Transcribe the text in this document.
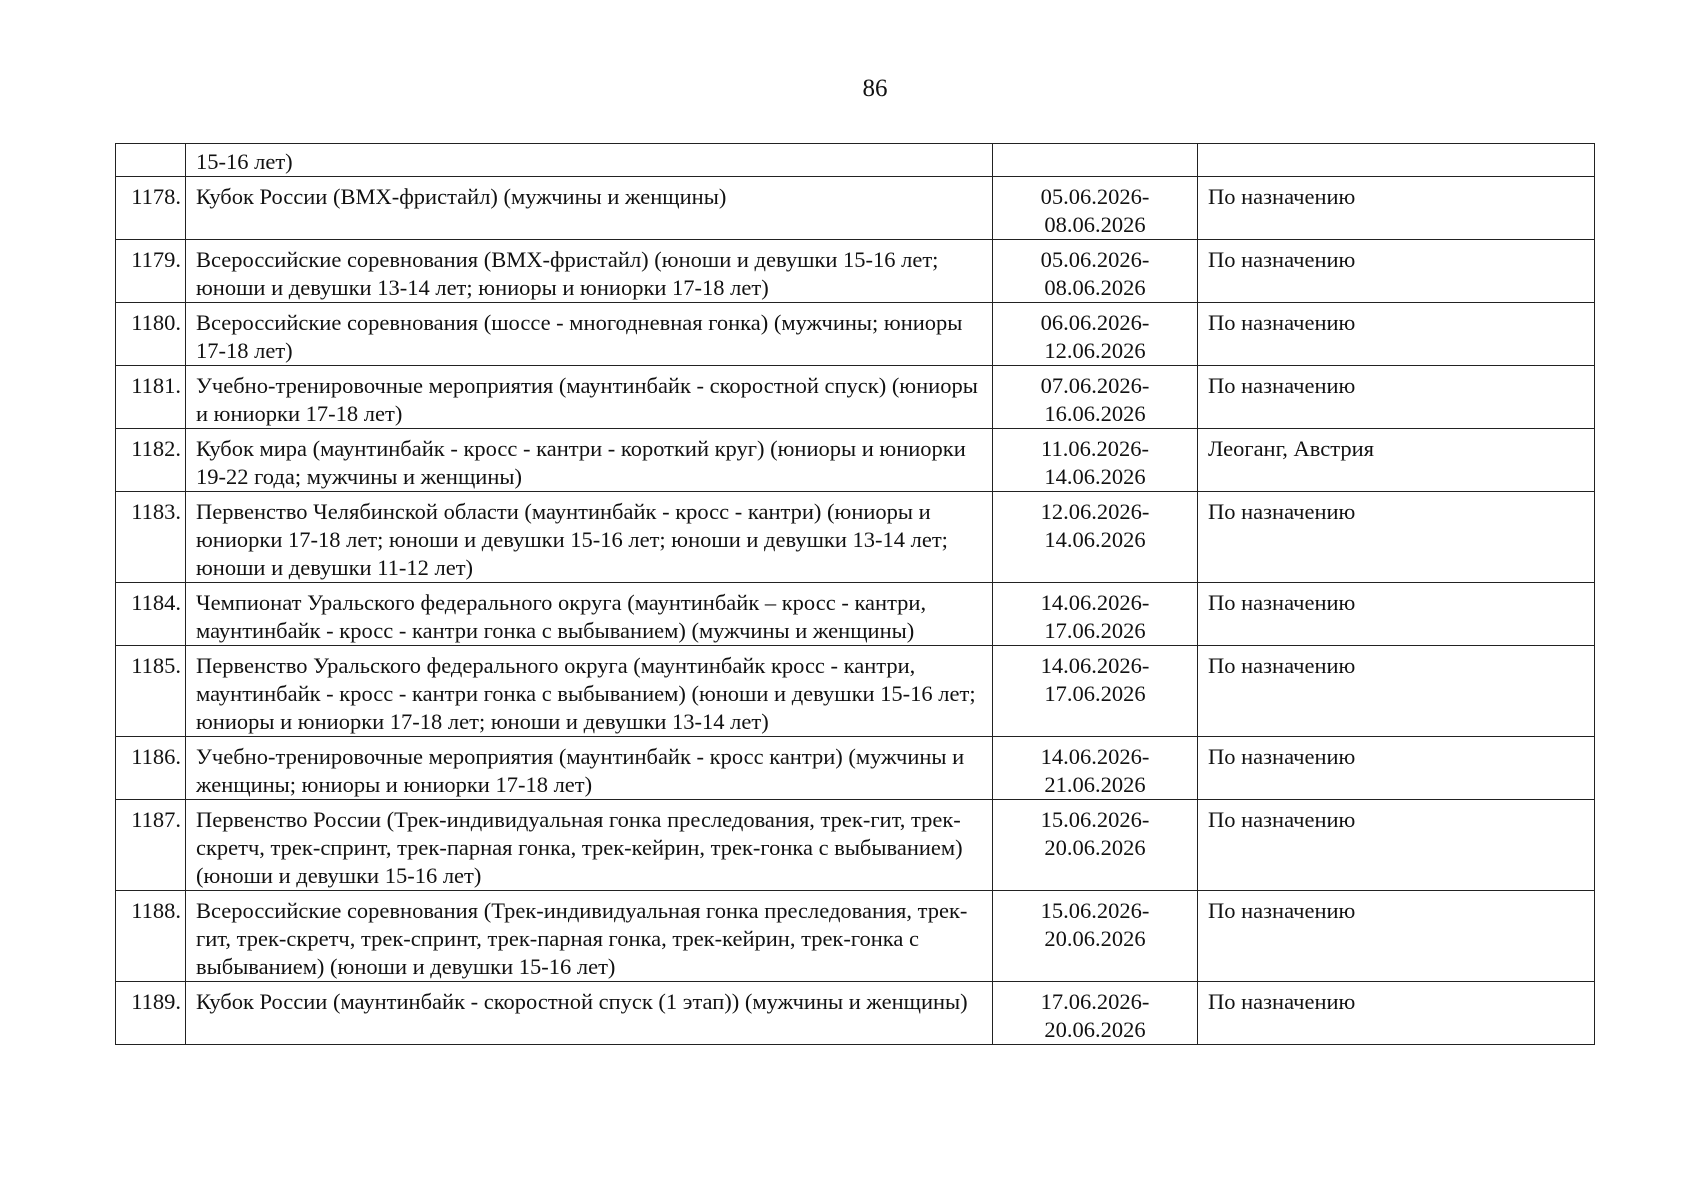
86
	15-16 лет)	

1178.	Кубок России (ВМХ-фристайл) (мужчины и женщины)	05.06.2026-
08.06.2026	По назначению
1179.	Всероссийские соревнования (ВМХ-фристайл) (юноши и девушки 15-16 лет; юноши и девушки 13-14 лет; юниоры и юниорки 17-18 лет)	05.06.2026-
08.06.2026	По назначению
1180.	Всероссийские соревнования (шоссе - многодневная гонка) (мужчины; юниоры 17-18 лет)	06.06.2026-
12.06.2026	По назначению
1181.	Учебно-тренировочные мероприятия (маунтинбайк - скоростной спуск) (юниоры и юниорки 17-18 лет)	07.06.2026-
16.06.2026	По назначению
1182.	Кубок мира (маунтинбайк - кросс - кантри - короткий круг) (юниоры и юниорки 19-22 года; мужчины и женщины)	11.06.2026-
14.06.2026	Леоганг, Австрия
1183.	Первенство Челябинской области (маунтинбайк - кросс - кантри) (юниоры и юниорки 17-18 лет; юноши и девушки 15-16 лет; юноши и девушки 13-14 лет; юноши и девушки 11-12 лет)	12.06.2026-
14.06.2026	По назначению
1184.	Чемпионат Уральского федерального округа (маунтинбайк – кросс - кантри, маунтинбайк - кросс - кантри гонка с выбыванием) (мужчины и женщины)	14.06.2026-
17.06.2026	По назначению
1185.	Первенство Уральского федерального округа (маунтинбайк кросс - кантри, маунтинбайк - кросс - кантри гонка с выбыванием) (юноши и девушки 15-16 лет; юниоры и юниорки 17-18 лет; юноши и девушки 13-14 лет)	14.06.2026-
17.06.2026	По назначению
1186.	Учебно-тренировочные мероприятия (маунтинбайк - кросс кантри) (мужчины и женщины; юниоры и юниорки 17-18 лет)	14.06.2026-
21.06.2026	По назначению
1187.	Первенство России (Трек-индивидуальная гонка преследования, трек-гит, трек-скретч, трек-спринт, трек-парная гонка, трек-кейрин, трек-гонка с выбыванием) (юноши и девушки 15-16 лет)	15.06.2026-
20.06.2026	По назначению
1188.	Всероссийские соревнования (Трек-индивидуальная гонка преследования, трек-гит, трек-скретч, трек-спринт, трек-парная гонка, трек-кейрин, трек-гонка с выбыванием) (юноши и девушки 15-16 лет)	15.06.2026-
20.06.2026	По назначению
1189.	Кубок России (маунтинбайк - скоростной спуск (1 этап)) (мужчины и женщины)	17.06.2026-
20.06.2026	По назначению
